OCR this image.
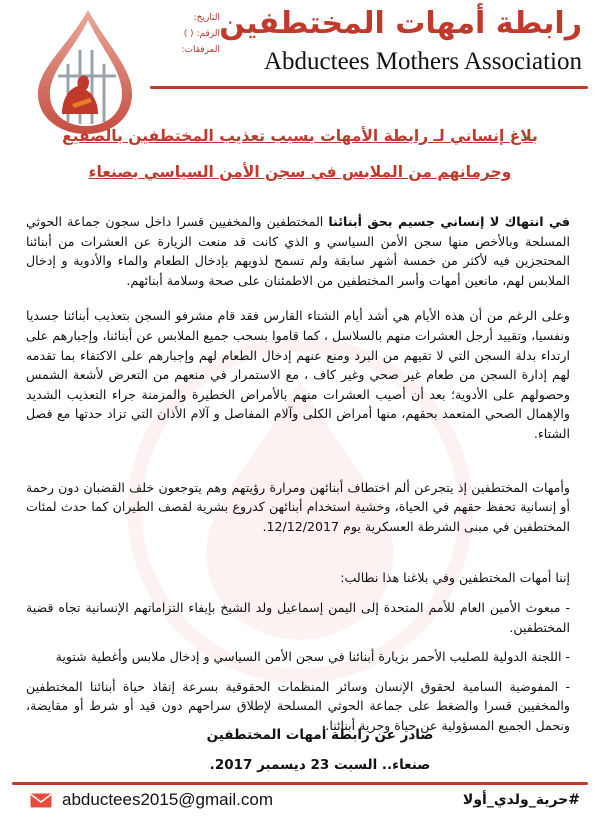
التاريخ:
الرقم: ( )
المرفقات:
رابطة أمهات المختطفين
Abductees Mothers Association
بلاغ إنساني لـ رابطة الأمهات بسبب تعذيب المختطفين بالصقيع
وحرمانهم من الملابس في سجن الأمن السياسي بصنعاء

في انتهاك لا إنساني جسيم بحق أبنائنا المختطفين والمخفيين قسرا داخل سجون جماعة الحوثي المسلحة وبالأخص منها سجن الأمن السياسي و الذي كانت قد منعت الزيارة عن العشرات من أبنائنا المحتجزين فيه لأكثر من خمسة أشهر سابقة ولم تسمح لذويهم بإدخال الطعام والماء والأدوية و إدخال الملابس لهم، مانعين أمهات وأسر المختطفين من الاطمئنان على صحة وسلامة أبنائهم.

وعلى الرغم من أن هذه الأيام هي أشد أيام الشتاء القارس فقد قام مشرفو السجن بتعذيب أبنائنا جسديا ونفسيا، وتقييد أرجل العشرات منهم بالسلاسل ، كما قاموا بسحب جميع الملابس عن أبنائنا، وإجبارهم على ارتداء بدلة السجن التي لا تقيهم من البرد ومنع عنهم إدخال الطعام لهم وإجبارهم على الاكتفاء بما تقدمه لهم إدارة السجن من طعام غير صحي وغير كاف ، مع الاستمرار في منعهم من التعرض لأشعة الشمس وحصولهم على الأدوية؛ بعد أن أصيب العشرات منهم بالأمراض الخطيرة والمزمنة جراء التعذيب الشديد والإهمال الصحي المتعمد بحقهم، منها أمراض الكلى وآلام المفاصل و آلام الأذان التي تزاد حدتها مع فصل الشتاء.

وأمهات المختطفين إذ يتجرعن ألم اختطاف أبنائهن ومرارة رؤيتهم وهم يتوجعون خلف القضبان دون رحمة أو إنسانية تحفظ حقهم في الحياة، وخشية استخدام أبنائهن كدروع بشرية لقصف الطيران كما حدث لمئات المختطفين في مبنى الشرطة العسكرية يوم 12/12/2017.

إننا أمهات المختطفين وفي بلاغنا هذا نطالب:

- مبعوث الأمين العام للأمم المتحدة إلى اليمن إسماعيل ولد الشيخ بإيفاء التزاماتهم الإنسانية تجاه قضية المختطفين.

- اللجنة الدولية للصليب الأحمر بزيارة أبنائنا في سجن الأمن السياسي و إدخال ملابس وأغطية شتوية

- المفوضية السامية لحقوق الإنسان وسائر المنظمات الحقوقية بسرعة إنقاذ حياة أبنائنا المختطفين والمخفيين قسرا والضغط على جماعة الحوثي المسلحة لإطلاق سراحهم دون قيد أو شرط أو مقايضة، ونحمل الجميع المسؤولية عن حياة وحرية أبنائنا.

صادر عن رابطة أمهات المختطفين
صنعاء.. السبت 23 ديسمبر 2017.
abductees2015@gmail.com	#حرية_ولدي_أولا
